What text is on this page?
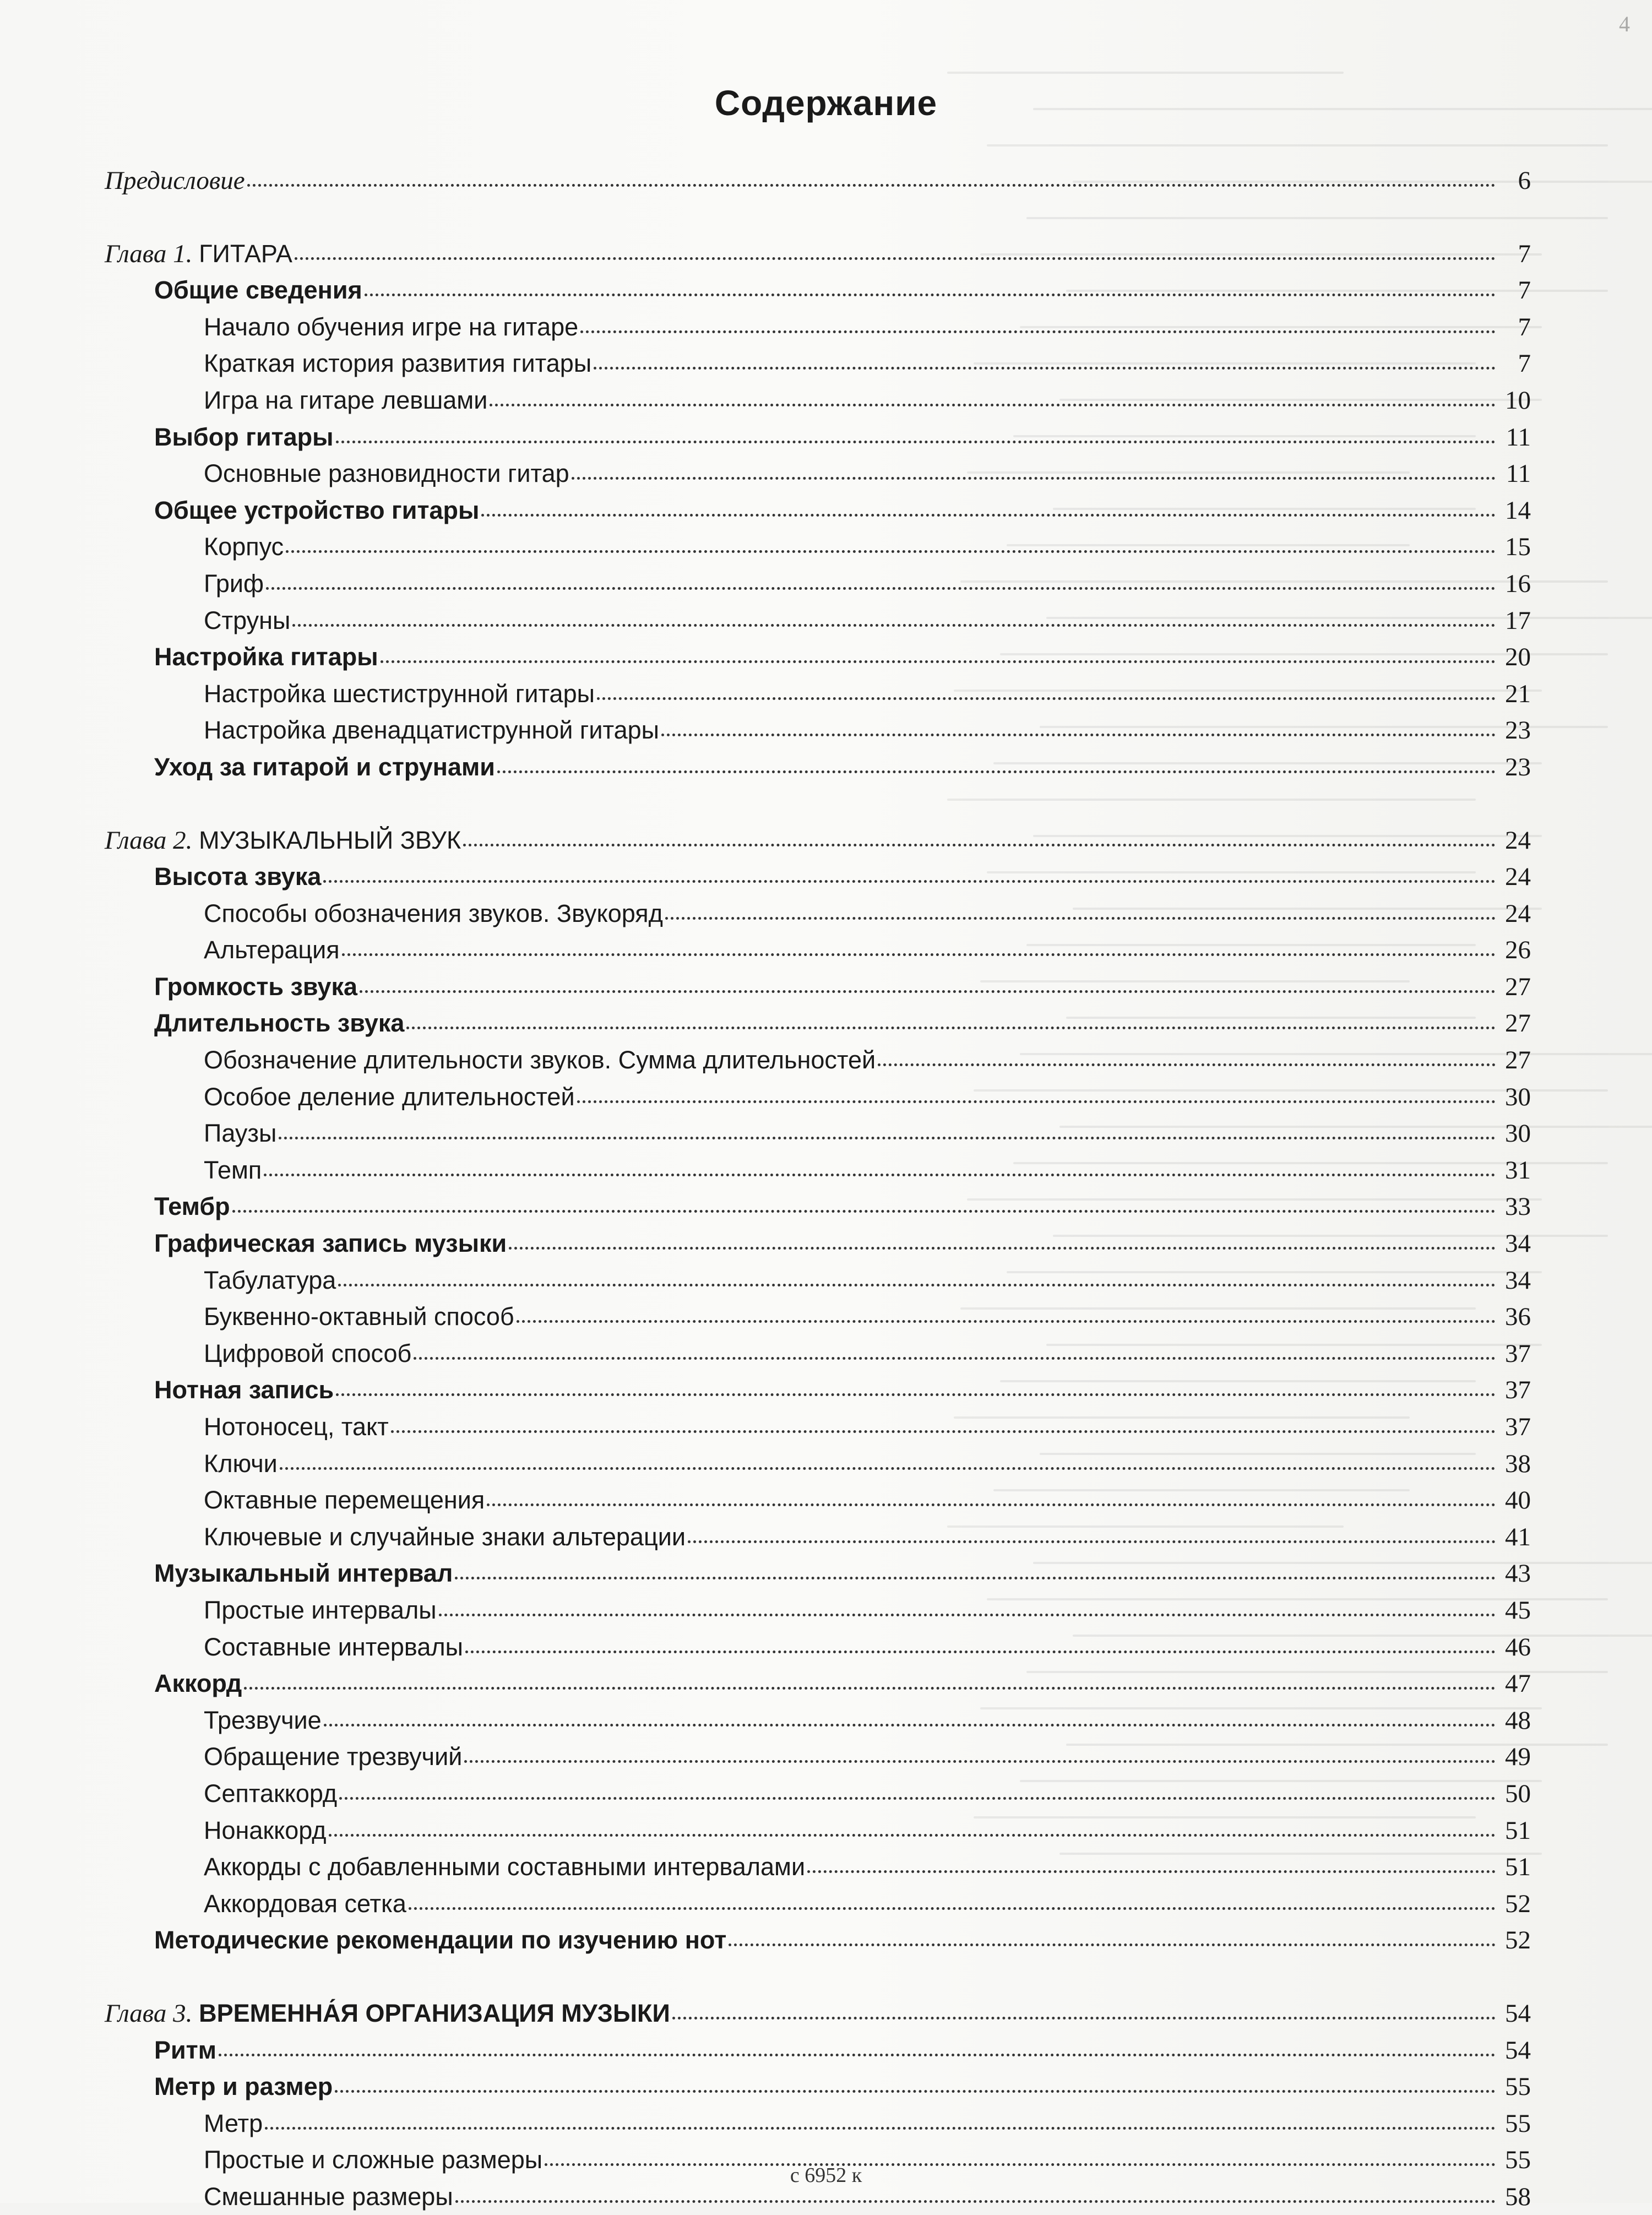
4
Содержание
Предисловие	6
Глава 1. ГИТАРА	7
Общие сведения	7
Начало обучения игре на гитаре	7
Краткая история развития гитары	7
Игра на гитаре левшами	10
Выбор гитары	11
Основные разновидности гитар	11
Общее устройство гитары	14
Корпус	15
Гриф	16
Струны	17
Настройка гитары	20
Настройка шестиструнной гитары	21
Настройка двенадцатиструнной гитары	23
Уход за гитарой и струнами	23
Глава 2. МУЗЫКАЛЬНЫЙ ЗВУК	24
Высота звука	24
Способы обозначения звуков. Звукоряд	24
Альтерация	26
Громкость звука	27
Длительность звука	27
Обозначение длительности звуков. Сумма длительностей	27
Особое деление длительностей	30
Паузы	30
Темп	31
Тембр	33
Графическая запись музыки	34
Табулатура	34
Буквенно-октавный способ	36
Цифровой способ	37
Нотная запись	37
Нотоносец, такт	37
Ключи	38
Октавные перемещения	40
Ключевые и случайные знаки альтерации	41
Музыкальный интервал	43
Простые интервалы	45
Составные интервалы	46
Аккорд	47
Трезвучие	48
Обращение трезвучий	49
Септаккорд	50
Нонаккорд	51
Аккорды с добавленными составными интервалами	51
Аккордовая сетка	52
Методические рекомендации по изучению нот	52
Глава 3. ВРЕМЕННА́Я ОРГАНИЗАЦИЯ МУЗЫКИ	54
Ритм	54
Метр и размер	55
Метр	55
Простые и сложные размеры	55
Смешанные размеры	58
с 6952 к
